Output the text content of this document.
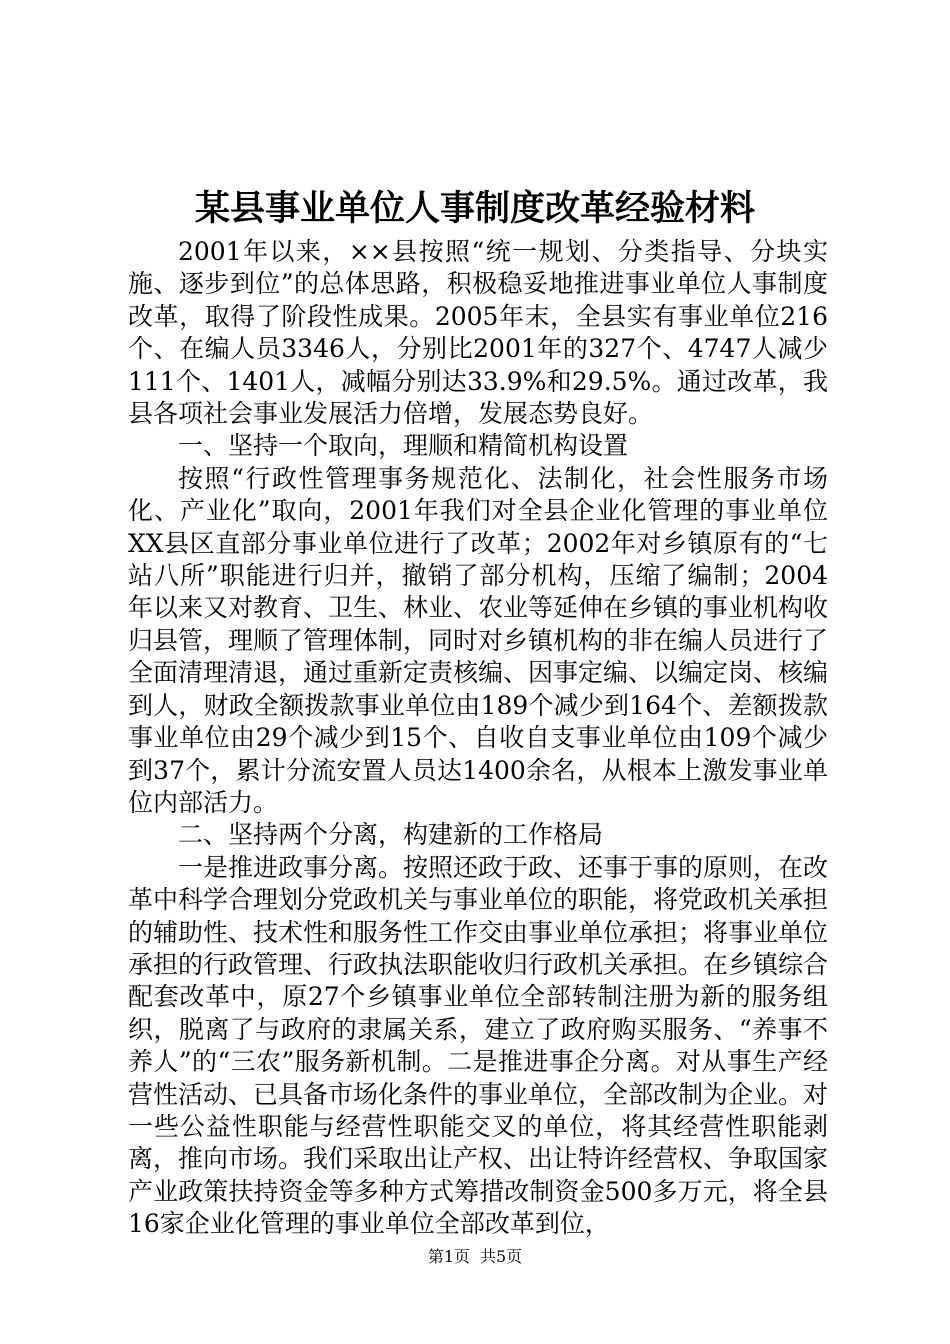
某县事业单位人事制度改革经验材料

2001年以来，××县按照“统一规划、分类指导、分块实施、逐步到位”的总体思路，积极稳妥地推进事业单位人事制度改革，取得了阶段性成果。2005年末，全县实有事业单位216个、在编人员3346人，分别比2001年的327个、4747人减少111个、1401人，减幅分别达33.9%和29.5%。通过改革，我县各项社会事业发展活力倍增，发展态势良好。

一、坚持一个取向，理顺和精简机构设置

按照“行政性管理事务规范化、法制化，社会性服务市场化、产业化”取向，2001年我们对全县企业化管理的事业单位XX县区直部分事业单位进行了改革；2002年对乡镇原有的“七站八所”职能进行归并，撤销了部分机构，压缩了编制；2004年以来又对教育、卫生、林业、农业等延伸在乡镇的事业机构收归县管，理顺了管理体制，同时对乡镇机构的非在编人员进行了全面清理清退，通过重新定责核编、因事定编、以编定岗、核编到人，财政全额拨款事业单位由189个减少到164个、差额拨款事业单位由29个减少到15个、自收自支事业单位由109个减少到37个，累计分流安置人员达1400余名，从根本上激发事业单位内部活力。

二、坚持两个分离，构建新的工作格局

一是推进政事分离。按照还政于政、还事于事的原则，在改革中科学合理划分党政机关与事业单位的职能，将党政机关承担的辅助性、技术性和服务性工作交由事业单位承担；将事业单位承担的行政管理、行政执法职能收归行政机关承担。在乡镇综合配套改革中，原27个乡镇事业单位全部转制注册为新的服务组织，脱离了与政府的隶属关系，建立了政府购买服务、“养事不养人”的“三农”服务新机制。二是推进事企分离。对从事生产经营性活动、已具备市场化条件的事业单位，全部改制为企业。对一些公益性职能与经营性职能交叉的单位，将其经营性职能剥离，推向市场。我们采取出让产权、出让特许经营权、争取国家产业政策扶持资金等多种方式筹措改制资金500多万元，将全县16家企业化管理的事业单位全部改革到位，

第1页 共5页
